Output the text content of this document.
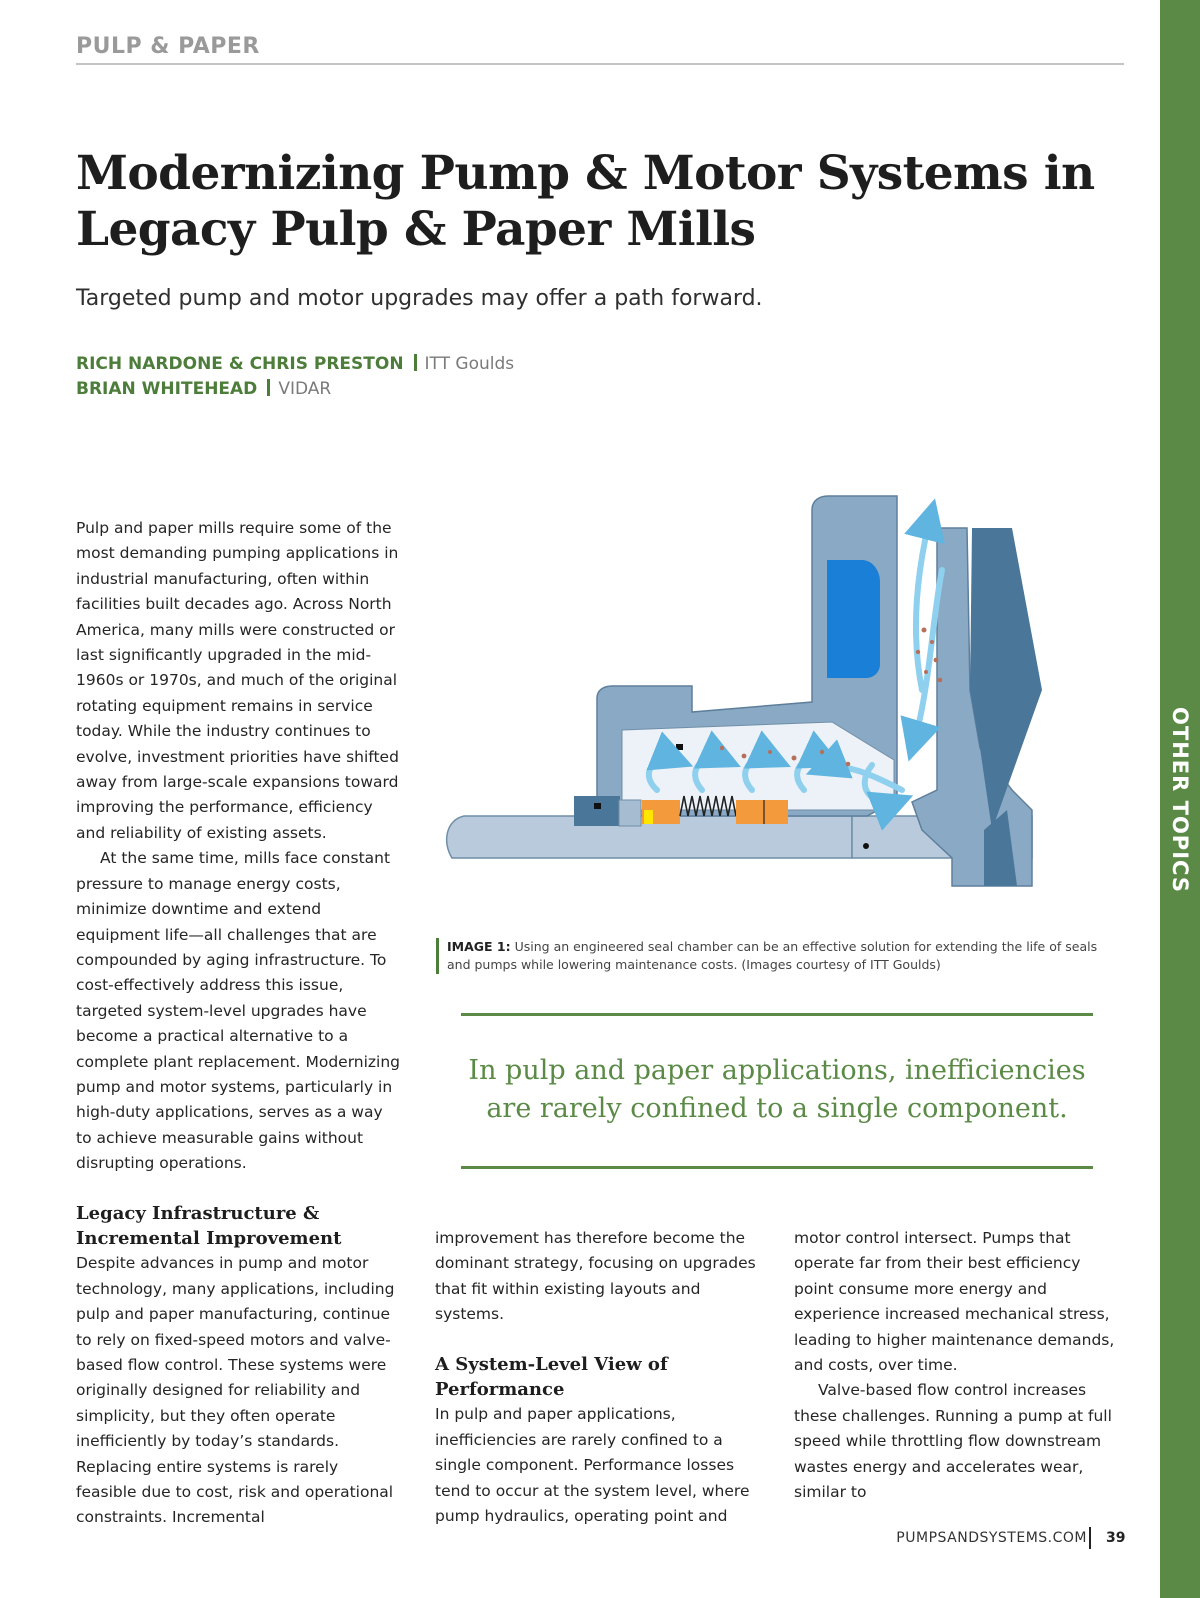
PULP & PAPER
OTHER TOPICS
Modernizing Pump & Motor Systems in
Legacy Pulp & Paper Mills

Targeted pump and motor upgrades may offer a path forward.

RICH NARDONE & CHRIS PRESTON ITT Goulds
BRIAN WHITEHEAD VIDAR

Pulp and paper mills require some of the most demanding pumping applications in industrial manufacturing, often within facilities built decades ago. Across North America, many mills were constructed or last significantly upgraded in the mid-1960s or 1970s, and much of the original rotating equipment remains in service today. While the industry continues to evolve, investment priorities have shifted away from large-scale expansions toward improving the performance, efficiency and reliability of existing assets.

At the same time, mills face constant pressure to manage energy costs, minimize downtime and extend equipment life—all challenges that are compounded by aging infrastructure. To cost-effectively address this issue, targeted system-level upgrades have become a practical alternative to a complete plant replacement. Modernizing pump and motor systems, particularly in high-duty applications, serves as a way to achieve measurable gains without disrupting operations.

Legacy Infrastructure & Incremental Improvement

Despite advances in pump and motor technology, many applications, including pulp and paper manufacturing, continue to rely on fixed-speed motors and valve-based flow control. These systems were originally designed for reliability and simplicity, but they often operate inefficiently by today’s standards. Replacing entire systems is rarely feasible due to cost, risk and operational constraints. Incremental

improvement has therefore become the dominant strategy, focusing on upgrades that fit within existing layouts and systems.

A System-Level View of Performance

In pulp and paper applications, inefficiencies are rarely confined to a single component. Performance losses tend to occur at the system level, where pump hydraulics, operating point and

motor control intersect. Pumps that operate far from their best efficiency point consume more energy and experience increased mechanical stress, leading to higher maintenance demands, and costs, over time.

Valve-based flow control increases these challenges. Running a pump at full speed while throttling flow downstream wastes energy and accelerates wear, similar to

IMAGE 1: Using an engineered seal chamber can be an effective solution for extending the life of seals and pumps while lowering maintenance costs. (Images courtesy of ITT Goulds)

In pulp and paper applications, inefficiencies are rarely confined to a single component.

PUMPSANDSYSTEMS.COM 39
